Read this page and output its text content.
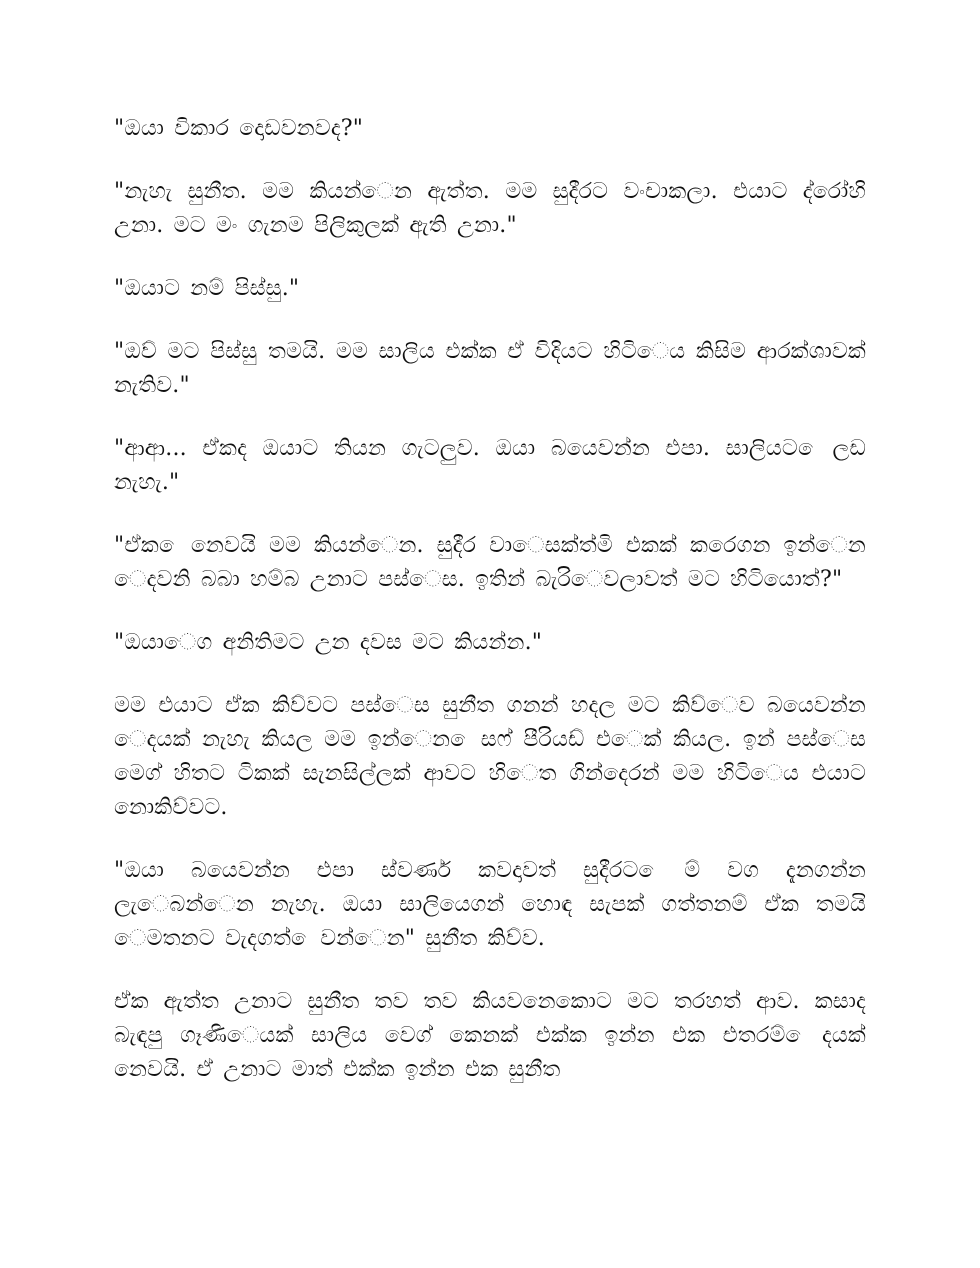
"ඔයා විකාර දොඩවනවද?"

"නැහැ සුනීත. මම කියන්ෙන ඇත්ත. මම සුදීරට වංචාකලා. එයාට ද්රෝහි උනා. මට මං ගැනම පිලිකුලක් ඇති උනා."

"ඔයාට නම් පිස්සු."

"ඔව් මට පිස්සු තමයි. මම සාලිය එක්ක ඒ විදියට හිටිෙය කිසිම ආරක්ශාවක් නැතිව."

"ආආ... ඒකද ඔයාට තියන ගැටලුව. ඔයා බයෙවන්න එපා. සාලියට ෙලඩ නැහැ."

"ඒක ෙනෙවයි මම කියන්ෙන. සුදීර වාෙසක්ත්මි එකක් කරෙගන ඉන්ෙන ෙදවනි බබා හම්බ උනාට පස්ෙස. ඉතින් බැරිෙවලාවත් මට හිටියොත්?"

"ඔයාෙග අනිතිමට උන දවස මට කියන්න."

මම එයාට ඒක කිව්වට පස්ෙස සුනීත ගනන් හදල මට කිව්ෙව බයෙවන්න ෙදයක් නැහැ කියල මම ඉන්ෙන ෙසෆ් පීරියඩ් එෙක් කියල. ඉන් පස්ෙස මෙග් හිතට ටිකක් සැනසිල්ලක් ආවට හිෙත ගින්දෙරන් මම හිටිෙය එයාට නොකිව්වට.

"ඔයා බයෙවන්න එපා ස්වර්ණ කවදාවත් සුදීරට ෙම් වග දැනගන්න ලැෙබන්ෙන නැහැ. ඔයා සාලියෙගන් හොඳ සැපක් ගත්තනම් ඒක තමයි ෙමතනට වැදගත් ෙවන්ෙන" සුනීත කිව්ව.

ඒක ඇත්ත උනාට සුනීත තව තව කියවනෙකොට මට තරහත් ආව. කසාද බැඳපු ගෑණිෙයක් සාලිය වෙග් කෙනක් එක්ක ඉන්න එක එතරම් ෙදයක් නෙවයි. ඒ උනාට මාත් එක්ක ඉන්න එක සුනීත
